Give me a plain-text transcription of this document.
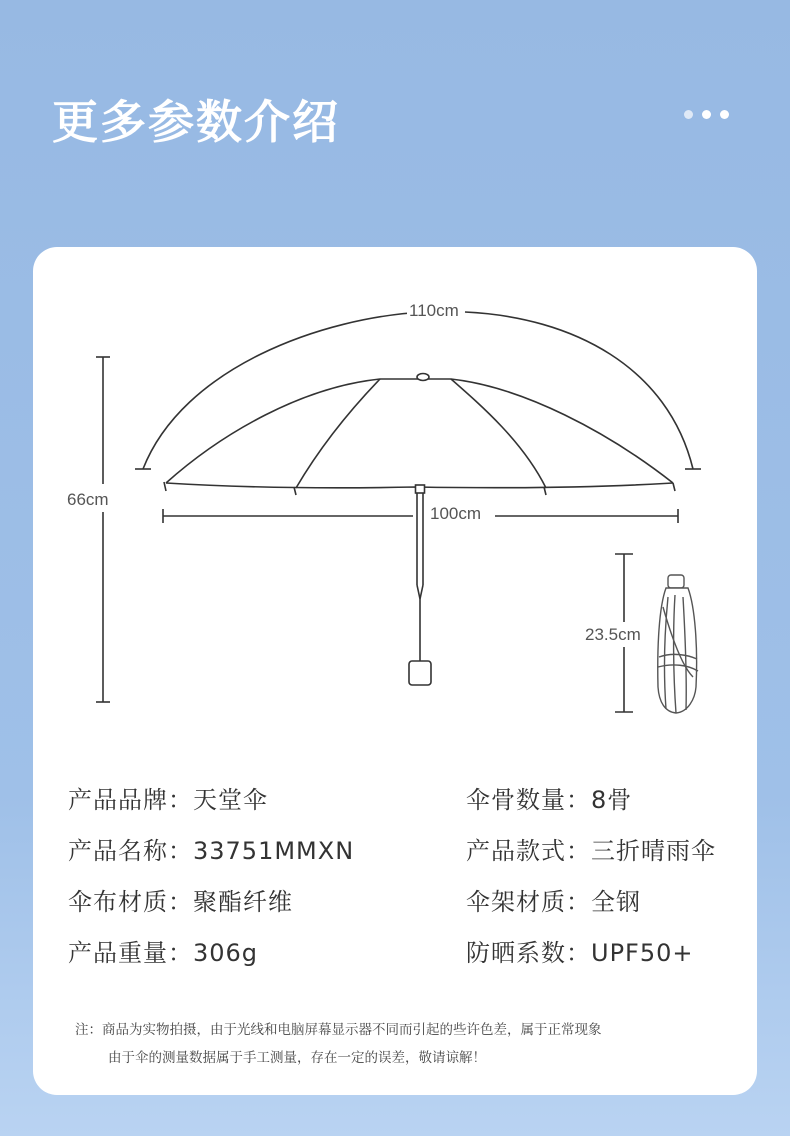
更多参数介绍
110cm
66cm
100cm
23.5cm
产品品牌：天堂伞	伞骨数量：8骨
产品名称：33751MMXN	产品款式：三折晴雨伞
伞布材质：聚酯纤维	伞架材质：全钢
产品重量：306g	防晒系数：UPF50+
注：商品为实物拍摄，由于光线和电脑屏幕显示器不同而引起的些许色差，属于正常现象
由于伞的测量数据属于手工测量，存在一定的误差，敬请谅解！
